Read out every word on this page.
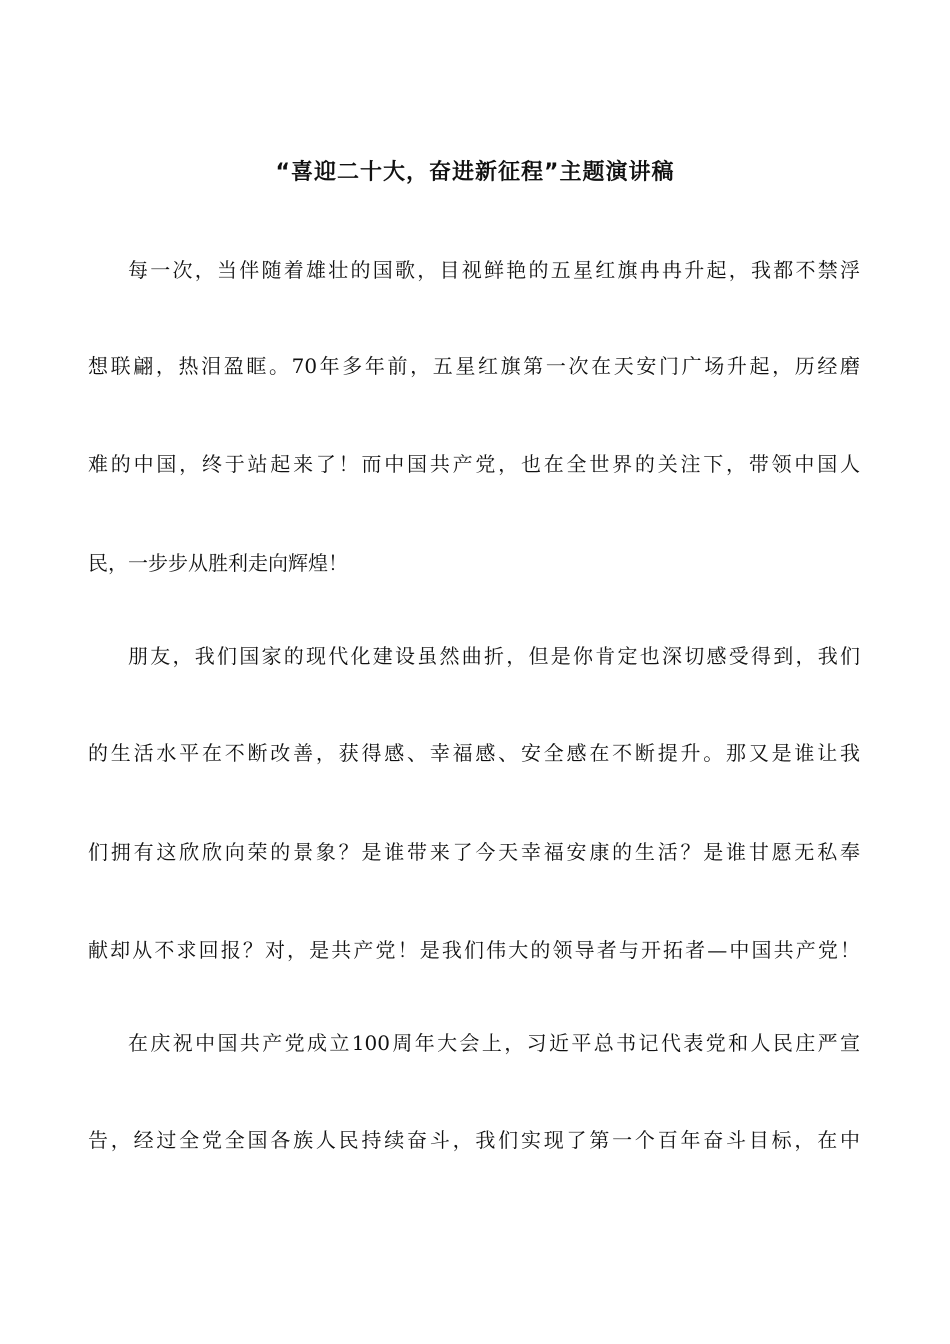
“喜迎二十大，奋进新征程”主题演讲稿

每一次，当伴随着雄壮的国歌，目视鲜艳的五星红旗冉冉升起，我都不禁浮

想联翩，热泪盈眶。70年多年前，五星红旗第一次在天安门广场升起，历经磨

难的中国，终于站起来了！而中国共产党，也在全世界的关注下，带领中国人

民，一步步从胜利走向辉煌！

朋友，我们国家的现代化建设虽然曲折，但是你肯定也深切感受得到，我们

的生活水平在不断改善，获得感、幸福感、安全感在不断提升。那又是谁让我

们拥有这欣欣向荣的景象？是谁带来了今天幸福安康的生活？是谁甘愿无私奉

献却从不求回报？对，是共产党！是我们伟大的领导者与开拓者—中国共产党！

在庆祝中国共产党成立100周年大会上，习近平总书记代表党和人民庄严宣

告，经过全党全国各族人民持续奋斗，我们实现了第一个百年奋斗目标，在中
